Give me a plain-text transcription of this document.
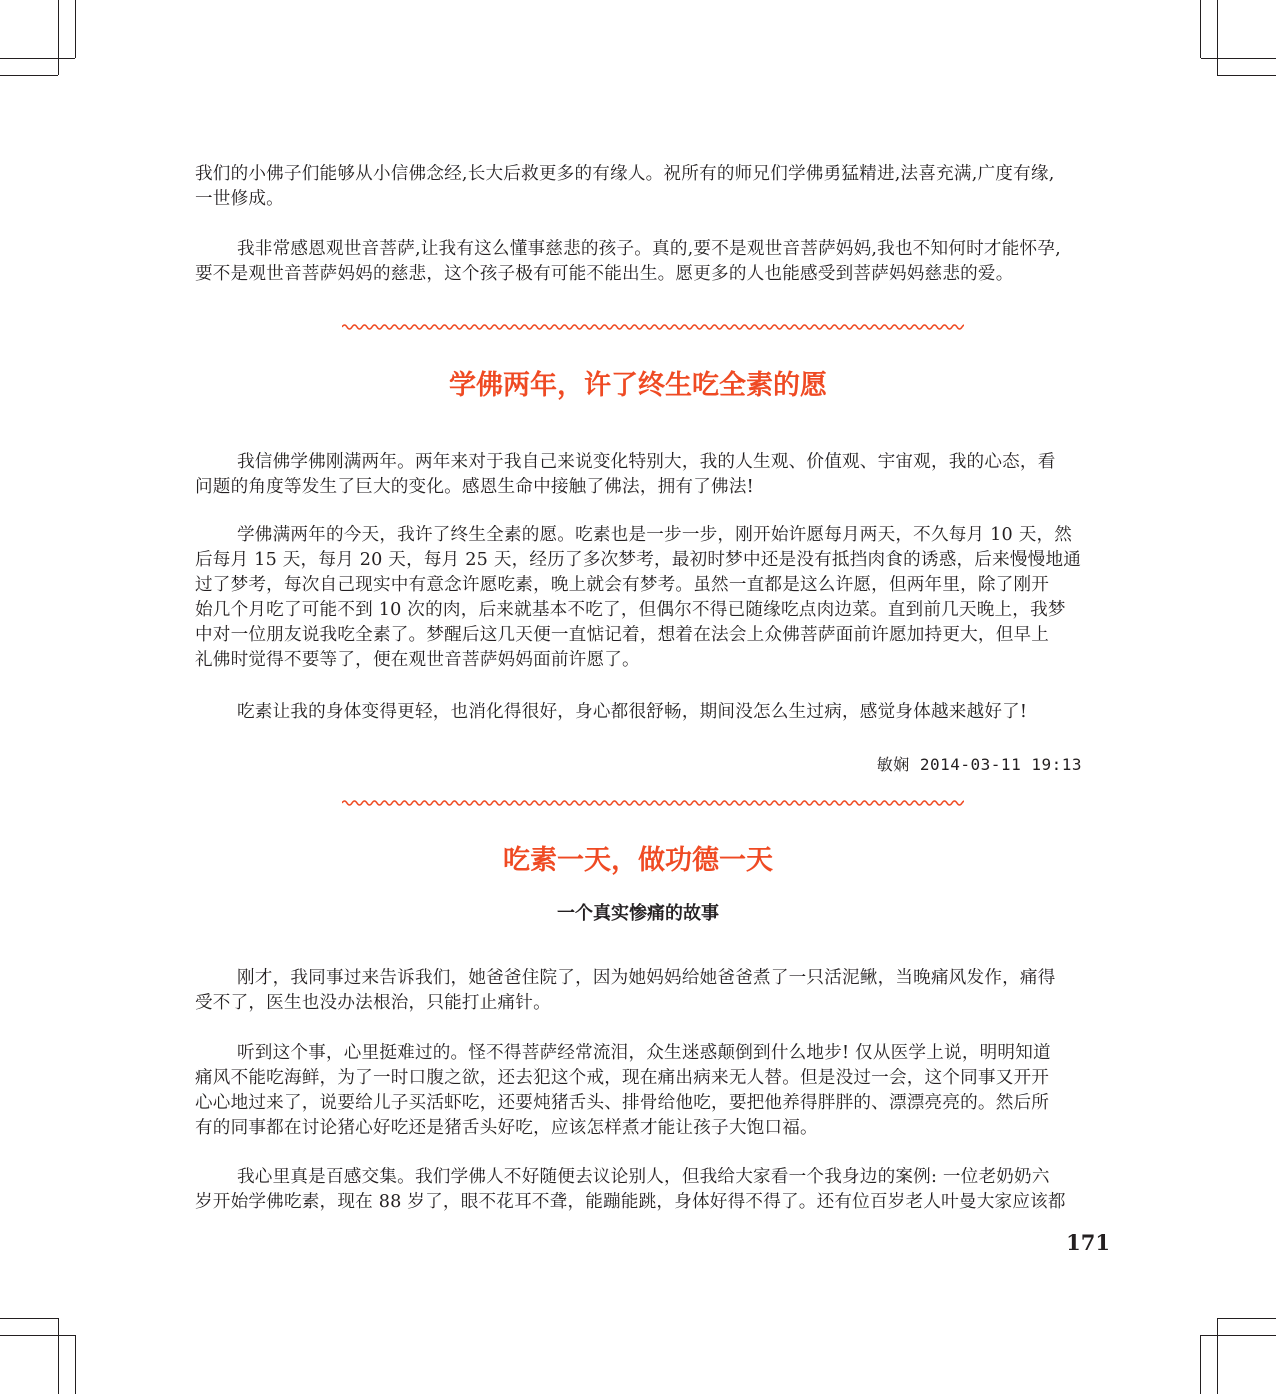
我们的小佛子们能够从小信佛念经,长大后救更多的有缘人。祝所有的师兄们学佛勇猛精进,法喜充满,广度有缘,
一世修成。

我非常感恩观世音菩萨,让我有这么懂事慈悲的孩子。真的,要不是观世音菩萨妈妈,我也不知何时才能怀孕,
要不是观世音菩萨妈妈的慈悲，这个孩子极有可能不能出生。愿更多的人也能感受到菩萨妈妈慈悲的爱。

学佛两年，许了终生吃全素的愿

我信佛学佛刚满两年。两年来对于我自己来说变化特别大，我的人生观、价值观、宇宙观，我的心态，看
问题的角度等发生了巨大的变化。感恩生命中接触了佛法，拥有了佛法!

学佛满两年的今天，我许了终生全素的愿。吃素也是一步一步，刚开始许愿每月两天，不久每月 10 天，然
后每月 15 天，每月 20 天，每月 25 天，经历了多次梦考，最初时梦中还是没有抵挡肉食的诱惑，后来慢慢地通
过了梦考，每次自己现实中有意念许愿吃素，晚上就会有梦考。虽然一直都是这么许愿，但两年里，除了刚开
始几个月吃了可能不到 10 次的肉，后来就基本不吃了，但偶尔不得已随缘吃点肉边菜。直到前几天晚上，我梦
中对一位朋友说我吃全素了。梦醒后这几天便一直惦记着，想着在法会上众佛菩萨面前许愿加持更大，但早上
礼佛时觉得不要等了，便在观世音菩萨妈妈面前许愿了。

吃素让我的身体变得更轻，也消化得很好，身心都很舒畅，期间没怎么生过病，感觉身体越来越好了!

敏娴 2014-03-11 19:13

吃素一天，做功德一天
一个真实惨痛的故事

刚才，我同事过来告诉我们，她爸爸住院了，因为她妈妈给她爸爸煮了一只活泥鳅，当晚痛风发作，痛得
受不了，医生也没办法根治，只能打止痛针。

听到这个事，心里挺难过的。怪不得菩萨经常流泪，众生迷惑颠倒到什么地步! 仅从医学上说，明明知道
痛风不能吃海鲜，为了一时口腹之欲，还去犯这个戒，现在痛出病来无人替。但是没过一会，这个同事又开开
心心地过来了，说要给儿子买活虾吃，还要炖猪舌头、排骨给他吃，要把他养得胖胖的、漂漂亮亮的。然后所
有的同事都在讨论猪心好吃还是猪舌头好吃，应该怎样煮才能让孩子大饱口福。

我心里真是百感交集。我们学佛人不好随便去议论别人，但我给大家看一个我身边的案例: 一位老奶奶六
岁开始学佛吃素，现在 88 岁了，眼不花耳不聋，能蹦能跳，身体好得不得了。还有位百岁老人叶曼大家应该都

171
